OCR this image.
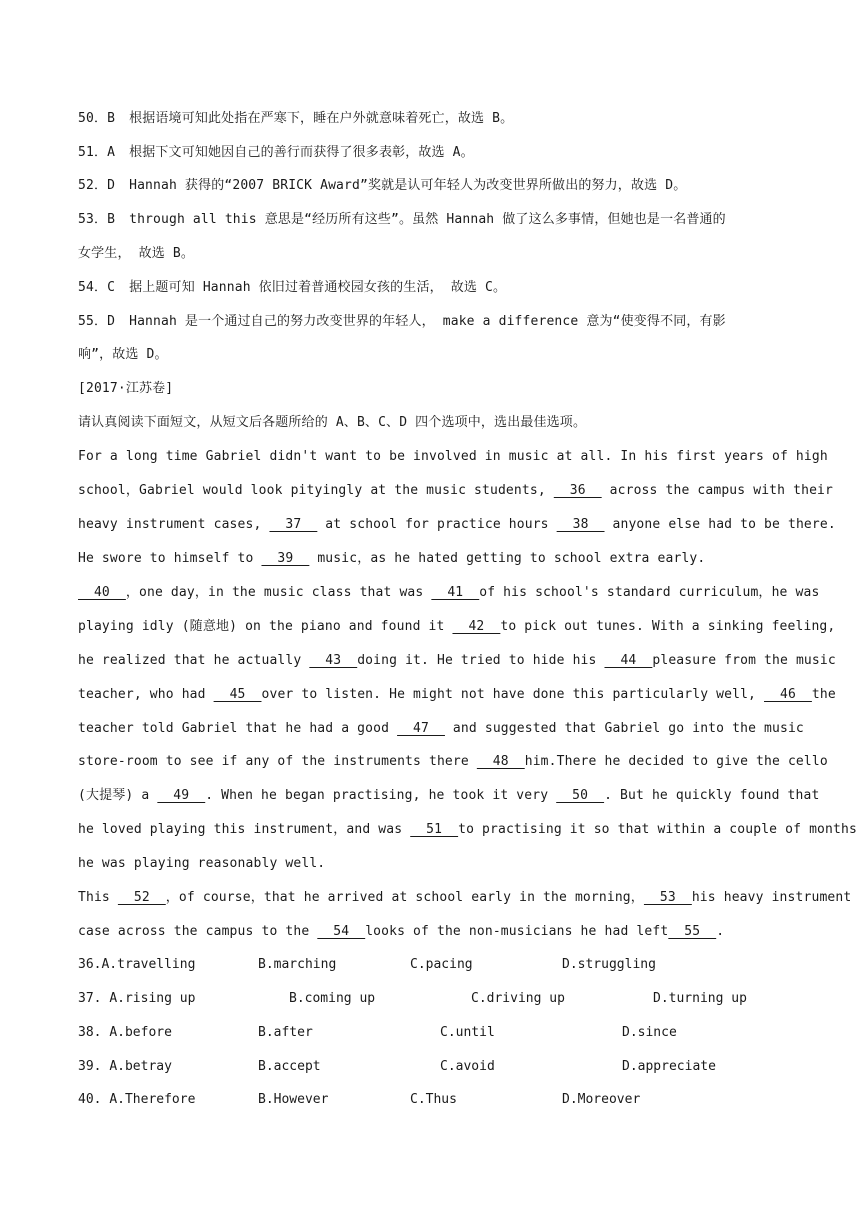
50．B 根据语境可知此处指在严寒下，睡在户外就意味着死亡，故选 B。
51．A 根据下文可知她因自己的善行而获得了很多表彰，故选 A。
52．D Hannah 获得的“2007 BRICK Award”奖就是认可年轻人为改变世界所做出的努力，故选 D。
53．B through all this 意思是“经历所有这些”。虽然 Hannah 做了这么多事情，但她也是一名普通的
女学生， 故选 B。
54．C 据上题可知 Hannah 依旧过着普通校园女孩的生活， 故选 C。
55．D Hannah 是一个通过自己的努力改变世界的年轻人， make a difference 意为“使变得不同，有影
响”，故选 D。
[2017·江苏卷]
请认真阅读下面短文，从短文后各题所给的 A、B、C、D 四个选项中，选出最佳选项。
For a long time Gabriel didn't want to be involved in music at all. In his first years of high
school，Gabriel would look pityingly at the music students,   36   across the campus with their
heavy instrument cases,   37   at school for practice hours   38   anyone else had to be there.
He swore to himself to   39   music，as he hated getting to school extra early.
40  ，one day，in the music class that was   41  of his school's standard curriculum，he was
playing idly (随意地) on the piano and found it   42  to pick out tunes. With a sinking feeling,
he realized that he actually   43  doing it. He tried to hide his   44  pleasure from the music
teacher, who had   45  over to listen. He might not have done this particularly well,   46  the
teacher told Gabriel that he had a good   47   and suggested that Gabriel go into the music
store-room to see if any of the instruments there   48  him.There he decided to give the cello
(大提琴) a   49  . When he began practising, he took it very   50  . But he quickly found that
he loved playing this instrument，and was   51  to practising it so that within a couple of months
he was playing reasonably well.
This   52  ，of course，that he arrived at school early in the morning，  53  his heavy instrument
case across the campus to the   54  looks of the non-musicians he had left  55  .
36.A.travelling	B.marching	C.pacing	D.struggling
37. A.rising up	B.coming up	C.driving up	D.turning up
38. A.before	B.after	C.until	D.since
39. A.betray	B.accept	C.avoid	D.appreciate
40. A.Therefore	B.However	C.Thus	D.Moreover
